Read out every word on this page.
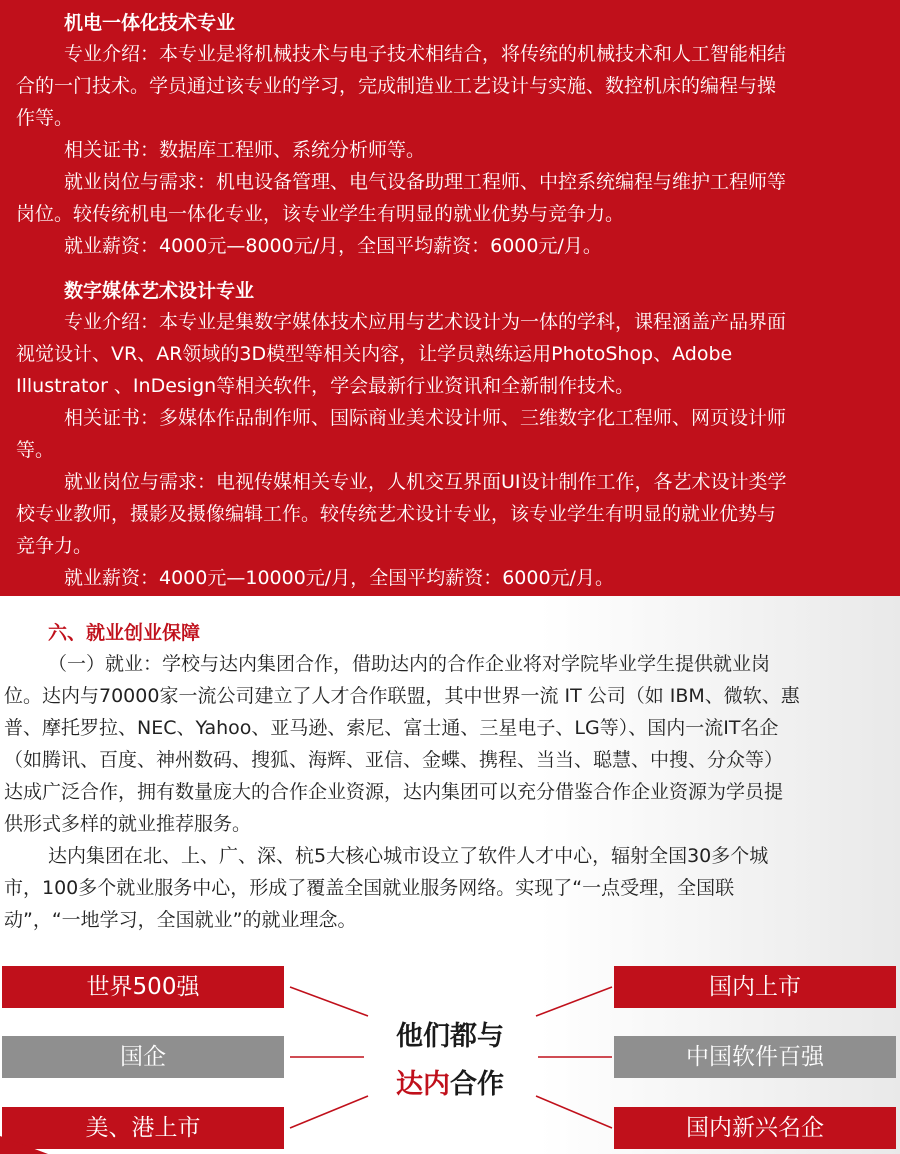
机电一体化技术专业
专业介绍：本专业是将机械技术与电子技术相结合，将传统的机械技术和人工智能相结
合的一门技术。学员通过该专业的学习，完成制造业工艺设计与实施、数控机床的编程与操
作等。
相关证书：数据库工程师、系统分析师等。
就业岗位与需求：机电设备管理、电气设备助理工程师、中控系统编程与维护工程师等
岗位。较传统机电一体化专业，该专业学生有明显的就业优势与竞争力。
就业薪资：4000元—8000元/月，全国平均薪资：6000元/月。
数字媒体艺术设计专业
专业介绍：本专业是集数字媒体技术应用与艺术设计为一体的学科，课程涵盖产品界面
视觉设计、VR、AR领域的3D模型等相关内容，让学员熟练运用PhotoShop、Adobe
Illustrator 、InDesign等相关软件，学会最新行业资讯和全新制作技术。
相关证书：多媒体作品制作师、国际商业美术设计师、三维数字化工程师、网页设计师
等。
就业岗位与需求：电视传媒相关专业，人机交互界面UI设计制作工作，各艺术设计类学
校专业教师，摄影及摄像编辑工作。较传统艺术设计专业，该专业学生有明显的就业优势与
竞争力。
就业薪资：4000元—10000元/月，全国平均薪资：6000元/月。
六、就业创业保障
（一）就业：学校与达内集团合作，借助达内的合作企业将对学院毕业学生提供就业岗
位。达内与70000家一流公司建立了人才合作联盟，其中世界一流 IT 公司（如 IBM、微软、惠
普、摩托罗拉、NEC、Yahoo、亚马逊、索尼、富士通、三星电子、LG等）、国内一流IT名企
（如腾讯、百度、神州数码、搜狐、海辉、亚信、金蝶、携程、当当、聪慧、中搜、分众等）
达成广泛合作，拥有数量庞大的合作企业资源，达内集团可以充分借鉴合作企业资源为学员提
供形式多样的就业推荐服务。
达内集团在北、上、广、深、杭5大核心城市设立了软件人才中心，辐射全国30多个城
市，100多个就业服务中心，形成了覆盖全国就业服务网络。实现了“一点受理，全国联
动”，“一地学习，全国就业”的就业理念。
世界500强
国企
美、港上市
国内上市
中国软件百强
国内新兴名企
他们都与
达内合作
